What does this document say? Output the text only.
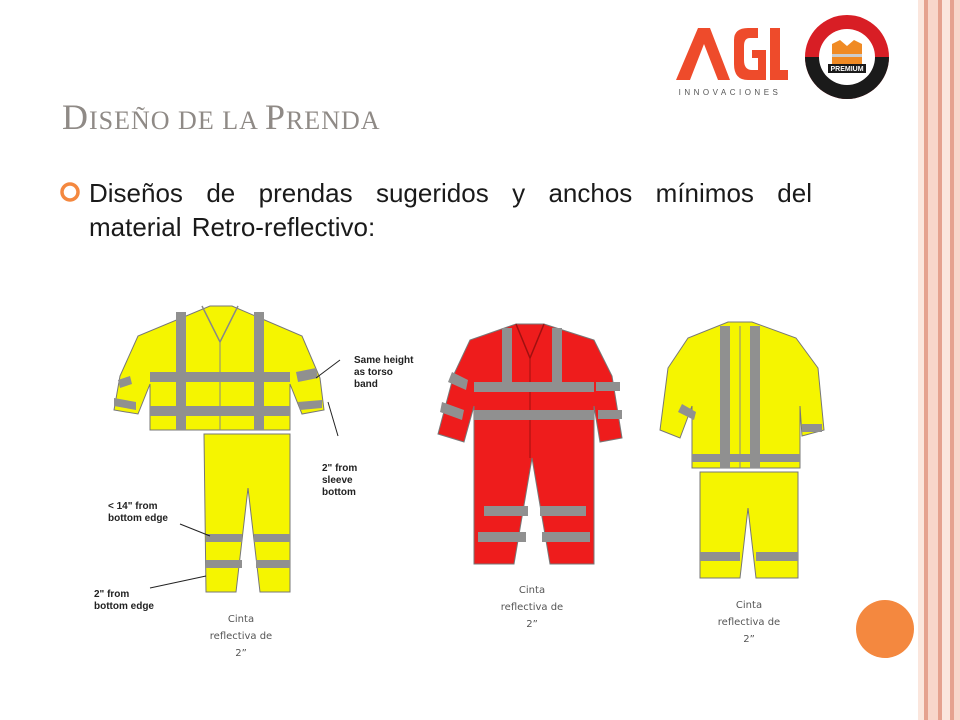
INNOVACIONES
PREMIUM
DISEÑO DE LA PRENDA
Diseños de prendas sugeridos y anchos mínimos del material Retro-reflectivo:
Same height
as torso
band
2" from
sleeve
bottom
< 14" from
bottom edge
2" from
bottom edge
Cinta
reflectiva de
2”
Cinta
reflectiva de
2”
Cinta
reflectiva de
2”
